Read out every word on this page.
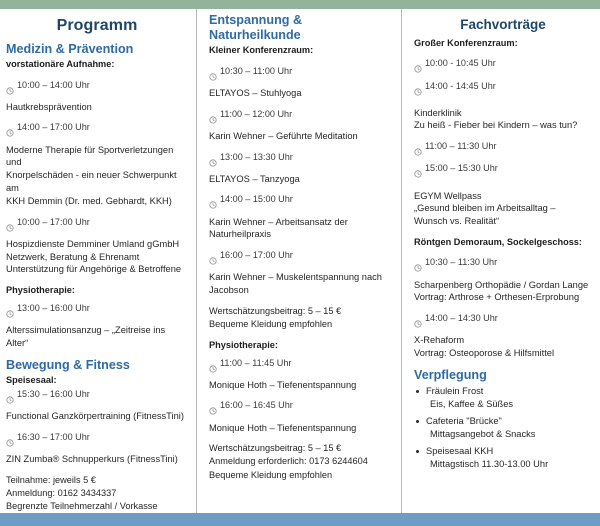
Programm
Medizin & Prävention
vorstationäre Aufnahme:
10:00 – 14:00 Uhr
Hautkrebsprävention
14:00 – 17:00 Uhr
Moderne Therapie für Sportverletzungen und
Knorpelschäden - ein neuer Schwerpunkt am
KKH Demmin (Dr. med. Gebhardt, KKH)
10:00 – 17:00 Uhr
Hospizdienste Demminer Umland gGmbH
Netzwerk, Beratung & Ehrenamt
Unterstützung für Angehörige & Betroffene
Physiotherapie:
13:00 – 16:00 Uhr
Alterssimulationsanzug – „Zeitreise ins Alter“
Bewegung & Fitness
Speisesaal:
15:30 – 16:00 Uhr
Functional Ganzkörpertraining (FitnessTini)
16:30 – 17:00 Uhr
ZIN Zumba® Schnupperkurs (FitnessTini)
Teilnahme: jeweils 5 €
Anmeldung: 0162 3434337
Begrenzte Teilnehmerzahl / Vorkasse
Entspannung & Naturheilkunde
Kleiner Konferenzraum:
10:30 – 11:00 Uhr
ELTAYOS – Stuhlyoga
11:00 – 12:00 Uhr
Karin Wehner – Geführte Meditation
13:00 – 13:30 Uhr
ELTAYOS – Tanzyoga
14:00 – 15:00 Uhr
Karin Wehner – Arbeitsansatz der
Naturheilpraxis
16:00 – 17:00 Uhr
Karin Wehner – Muskelentspannung nach
Jacobson
Wertschätzungsbeitrag: 5 – 15 €
Bequeme Kleidung empfohlen
Physiotherapie:
11:00 – 11:45 Uhr
Monique Hoth – Tiefenentspannung
16:00 – 16:45 Uhr
Monique Hoth – Tiefenentspannung
Wertschätzungsbeitrag: 5 – 15 €
Anmeldung erforderlich: 0173 6244604
Bequeme Kleidung empfohlen
Fachvorträge
Großer Konferenzraum:
10:00 - 10:45 Uhr
14:00 - 14:45 Uhr
Kinderklinik
Zu heiß - Fieber bei Kindern – was tun?
11:00 – 11:30 Uhr
15:00 – 15:30 Uhr
EGYM Wellpass
„Gesund bleiben im Arbeitsalltag –
Wunsch vs. Realität“
Röntgen Demoraum, Sockelgeschoss:
10:30 – 11:30 Uhr
Scharpenberg Orthopädie / Gordan Lange
Vortrag: Arthrose + Orthesen-Erprobung
14:00 – 14:30 Uhr
X-Rehaform
Vortrag: Osteoporose & Hilfsmittel
Verpflegung
Fräulein Frost
Eis, Kaffee & Süßes
Cafeteria "Brücke"
Mittagsangebot & Snacks
Speisesaal KKH
Mittagstisch 11.30-13.00 Uhr
